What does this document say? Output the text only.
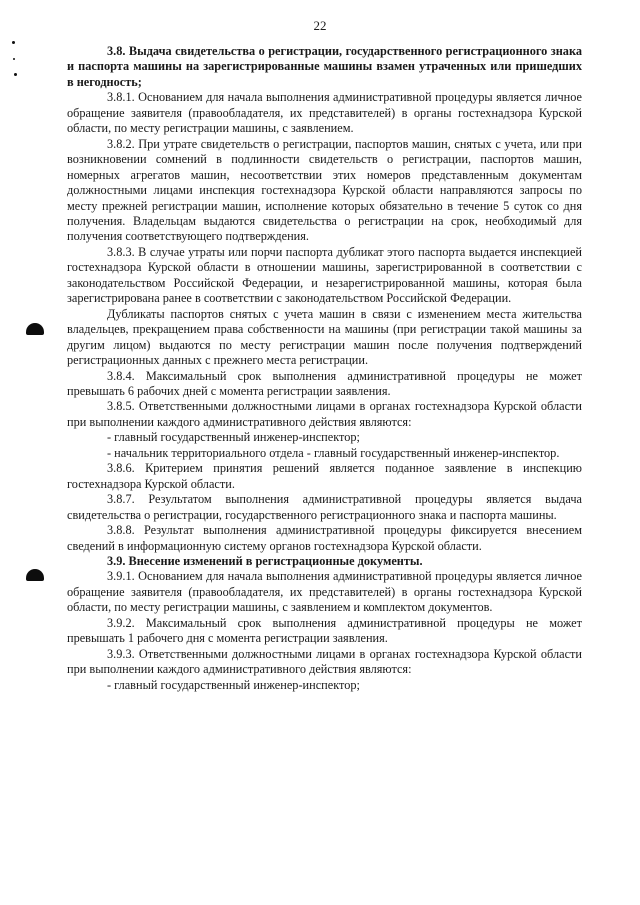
22

3.8. Выдача свидетельства о регистрации, государственного регистрационного знака и паспорта машины на зарегистрированные машины взамен утраченных или пришедших в негодность;

3.8.1. Основанием для начала выполнения административной процедуры является личное обращение заявителя (правообладателя, их представителей) в органы гостехнадзора Курской области, по месту регистрации машины, с заявлением.

3.8.2. При утрате свидетельств о регистрации, паспортов машин, снятых с учета, или при возникновении сомнений в подлинности свидетельств о регистрации, паспортов машин, номерных агрегатов машин, несоответствии этих номеров представленным документам должностными лицами инспекция гостехнадзора Курской области направляются запросы по месту прежней регистрации машин, исполнение которых обязательно в течение 5 суток со дня получения. Владельцам выдаются свидетельства о регистрации на срок, необходимый для получения соответствующего подтверждения.

3.8.3. В случае утраты или порчи паспорта дубликат этого паспорта выдается инспекцией гостехнадзора Курской области в отношении машины, зарегистрированной в соответствии с законодательством Российской Федерации, и незарегистрированной машины, которая была зарегистрирована ранее в соответствии с законодательством Российской Федерации.

Дубликаты паспортов снятых с учета машин в связи с изменением места жительства владельцев, прекращением права собственности на машины (при регистрации такой машины за другим лицом) выдаются по месту регистрации машин после получения подтверждений регистрационных данных с прежнего места регистрации.

3.8.4. Максимальный срок выполнения административной процедуры не может превышать 6 рабочих дней с момента регистрации заявления.

3.8.5. Ответственными должностными лицами в органах гостехнадзора Курской области при выполнении каждого административного действия являются:

- главный государственный инженер-инспектор;

- начальник территориального отдела - главный государственный инженер-инспектор.

3.8.6. Критерием принятия решений является поданное заявление в инспекцию гостехнадзора Курской области.

3.8.7. Результатом выполнения административной процедуры является выдача свидетельства о регистрации, государственного регистрационного знака и паспорта машины.

3.8.8. Результат выполнения административной процедуры фиксируется внесением сведений в информационную систему органов гостехнадзора Курской области.

3.9. Внесение изменений в регистрационные документы.

3.9.1. Основанием для начала выполнения административной процедуры является личное обращение заявителя (правообладателя, их представителей) в органы гостехнадзора Курской области, по месту регистрации машины, с заявлением и комплектом документов.

3.9.2. Максимальный срок выполнения административной процедуры не может превышать 1 рабочего дня с момента регистрации заявления.

3.9.3. Ответственными должностными лицами в органах гостехнадзора Курской области при выполнении каждого административного действия являются:

- главный государственный инженер-инспектор;
